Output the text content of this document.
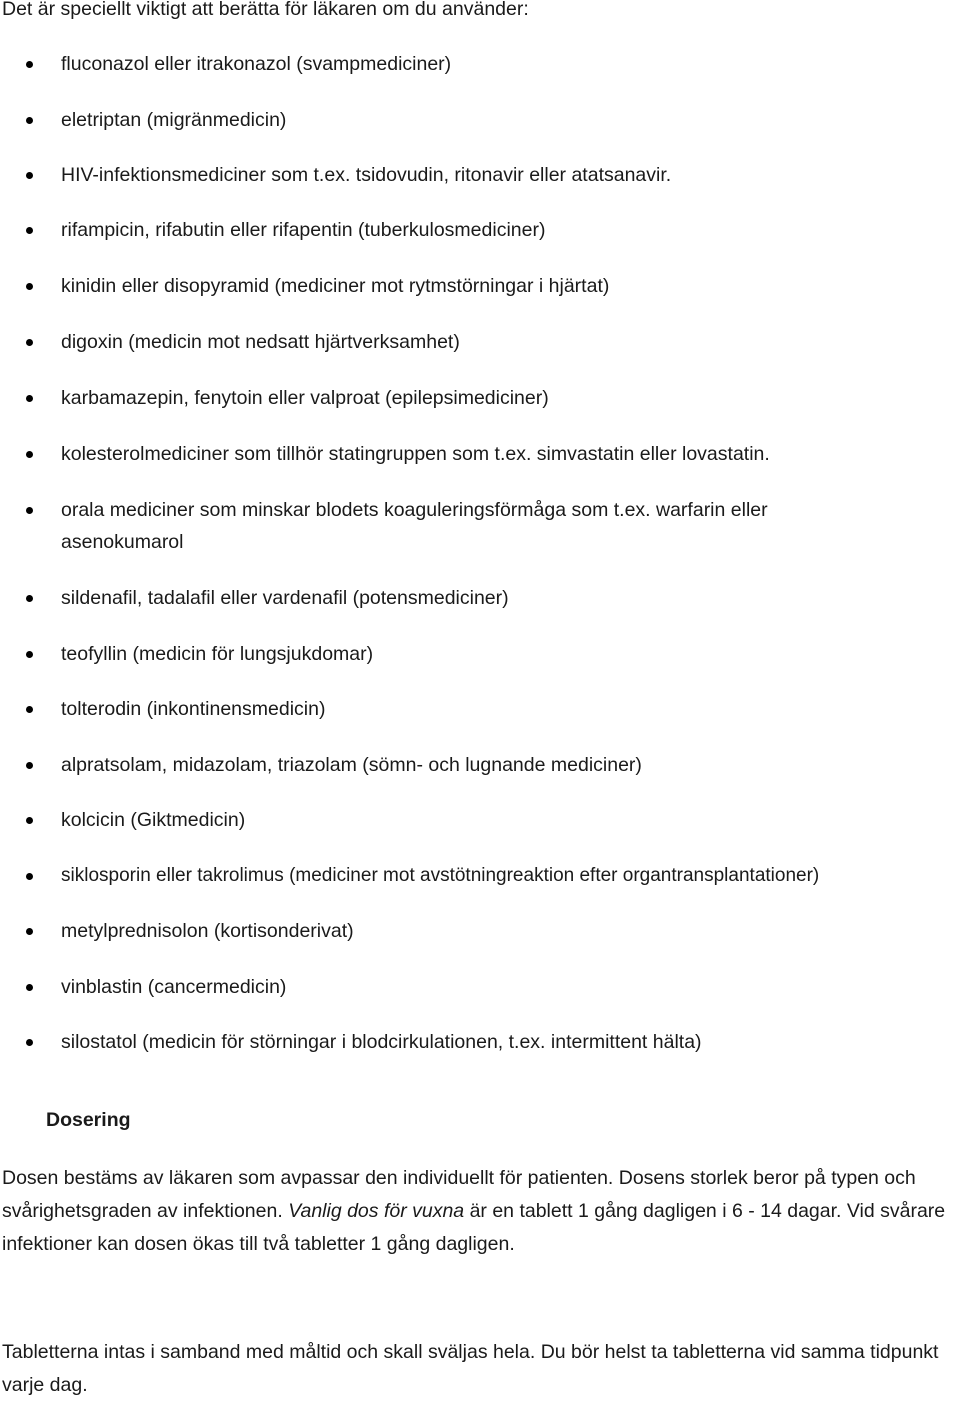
Det är speciellt viktigt att berätta för läkaren om du använder:

fluconazol eller itrakonazol (svampmediciner)
eletriptan (migränmedicin)
HIV-infektionsmediciner som t.ex. tsidovudin, ritonavir eller atatsanavir.
rifampicin, rifabutin eller rifapentin (tuberkulosmediciner)
kinidin eller disopyramid (mediciner mot rytmstörningar i hjärtat)
digoxin (medicin mot nedsatt hjärtverksamhet)
karbamazepin, fenytoin eller valproat (epilepsimediciner)
kolesterolmediciner som tillhör statingruppen som t.ex. simvastatin eller lovastatin.
orala mediciner som minskar blodets koaguleringsförmåga som t.ex. warfarin eller asenokumarol
sildenafil, tadalafil eller vardenafil (potensmediciner)
teofyllin (medicin för lungsjukdomar)
tolterodin (inkontinensmedicin)
alpratsolam, midazolam, triazolam (sömn- och lugnande mediciner)
kolcicin (Giktmedicin)
siklosporin eller takrolimus (mediciner mot avstötningreaktion efter organtransplantationer)
metylprednisolon (kortisonderivat)
vinblastin (cancermedicin)
silostatol (medicin för störningar i blodcirkulationen, t.ex. intermittent hälta)
Dosering

Dosen bestäms av läkaren som avpassar den individuellt för patienten. Dosens storlek beror på typen och svårighetsgraden av infektionen. Vanlig dos för vuxna är en tablett 1 gång dagligen i 6 - 14 dagar. Vid svårare infektioner kan dosen ökas till två tabletter 1 gång dagligen.

Tabletterna intas i samband med måltid och skall sväljas hela. Du bör helst ta tabletterna vid samma tidpunkt varje dag.
